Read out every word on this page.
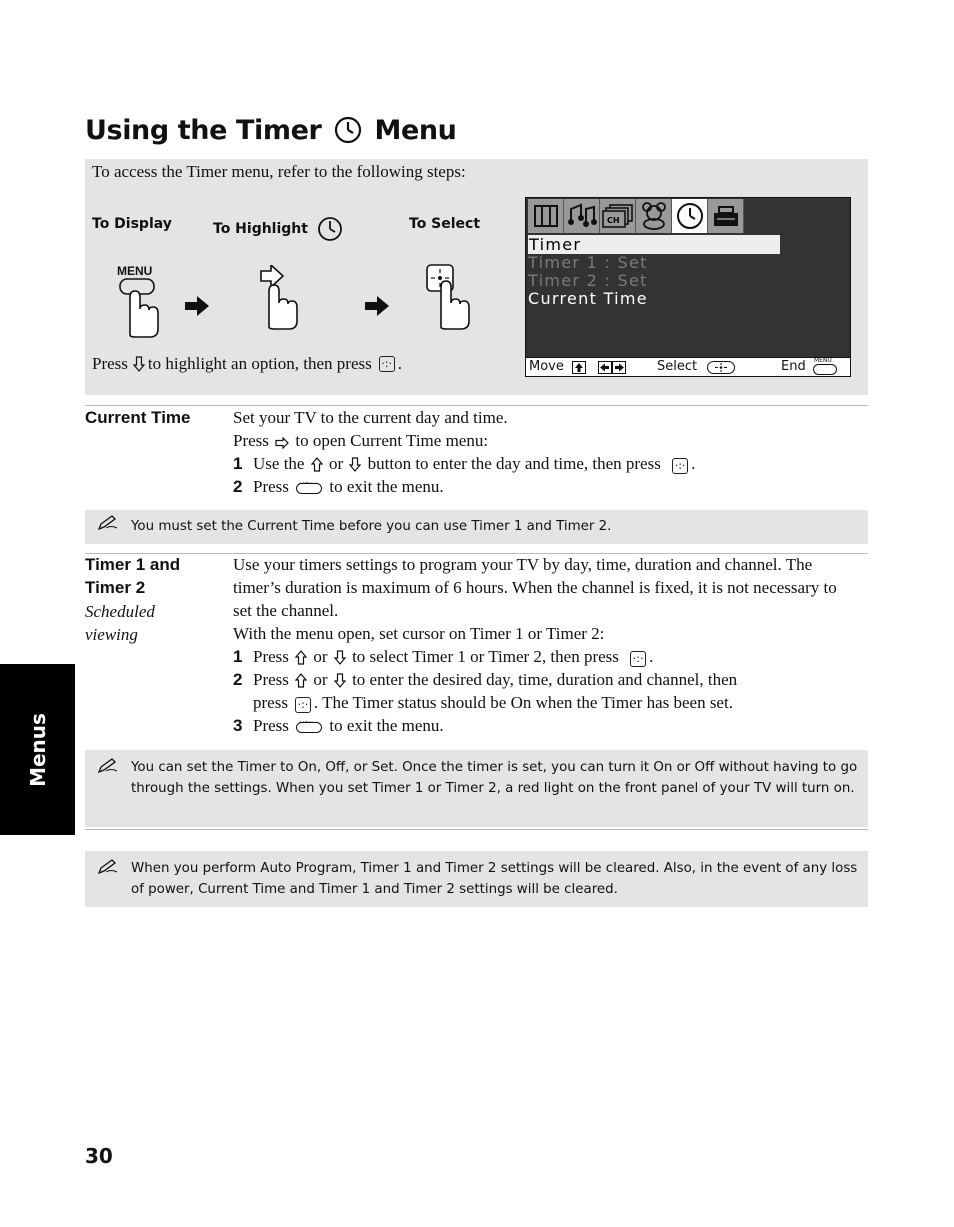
Using the Timer Menu
To access the Timer menu, refer to the following steps:
To Display	To Highlight	To Select
MENU
Press to highlight an option, then press ·:· .
CH
Timer
Timer 1 : Set
Timer 2 : Set
Current Time
Move	Select	End MENU
Current Time	Set your TV to the current day and time.
Press to open Current Time menu:
1 Use the or button to enter the day and time, then press ·:· .
2 Press to exit the menu.
You must set the Current Time before you can use Timer 1 and Timer 2.
Timer 1 and
Timer 2
Scheduled
viewing
Use your timers settings to program your TV by day, time, duration and channel. The timer’s duration is maximum of 6 hours. When the channel is fixed, it is not necessary to set the channel.
With the menu open, set cursor on Timer 1 or Timer 2:
1 Press or to select Timer 1 or Timer 2, then press ·:· .
2 Press or to enter the desired day, time, duration and channel, then
press ·:· . The Timer status should be On when the Timer has been set.
3 Press to exit the menu.
You can set the Timer to On, Off, or Set. Once the timer is set, you can turn it On or Off without having to go through the settings. When you set Timer 1 or Timer 2, a red light on the front panel of your TV will turn on.
When you perform Auto Program, Timer 1 and Timer 2 settings will be cleared. Also, in the event of any loss of power, Current Time and Timer 1 and Timer 2 settings will be cleared.
Menus
30
